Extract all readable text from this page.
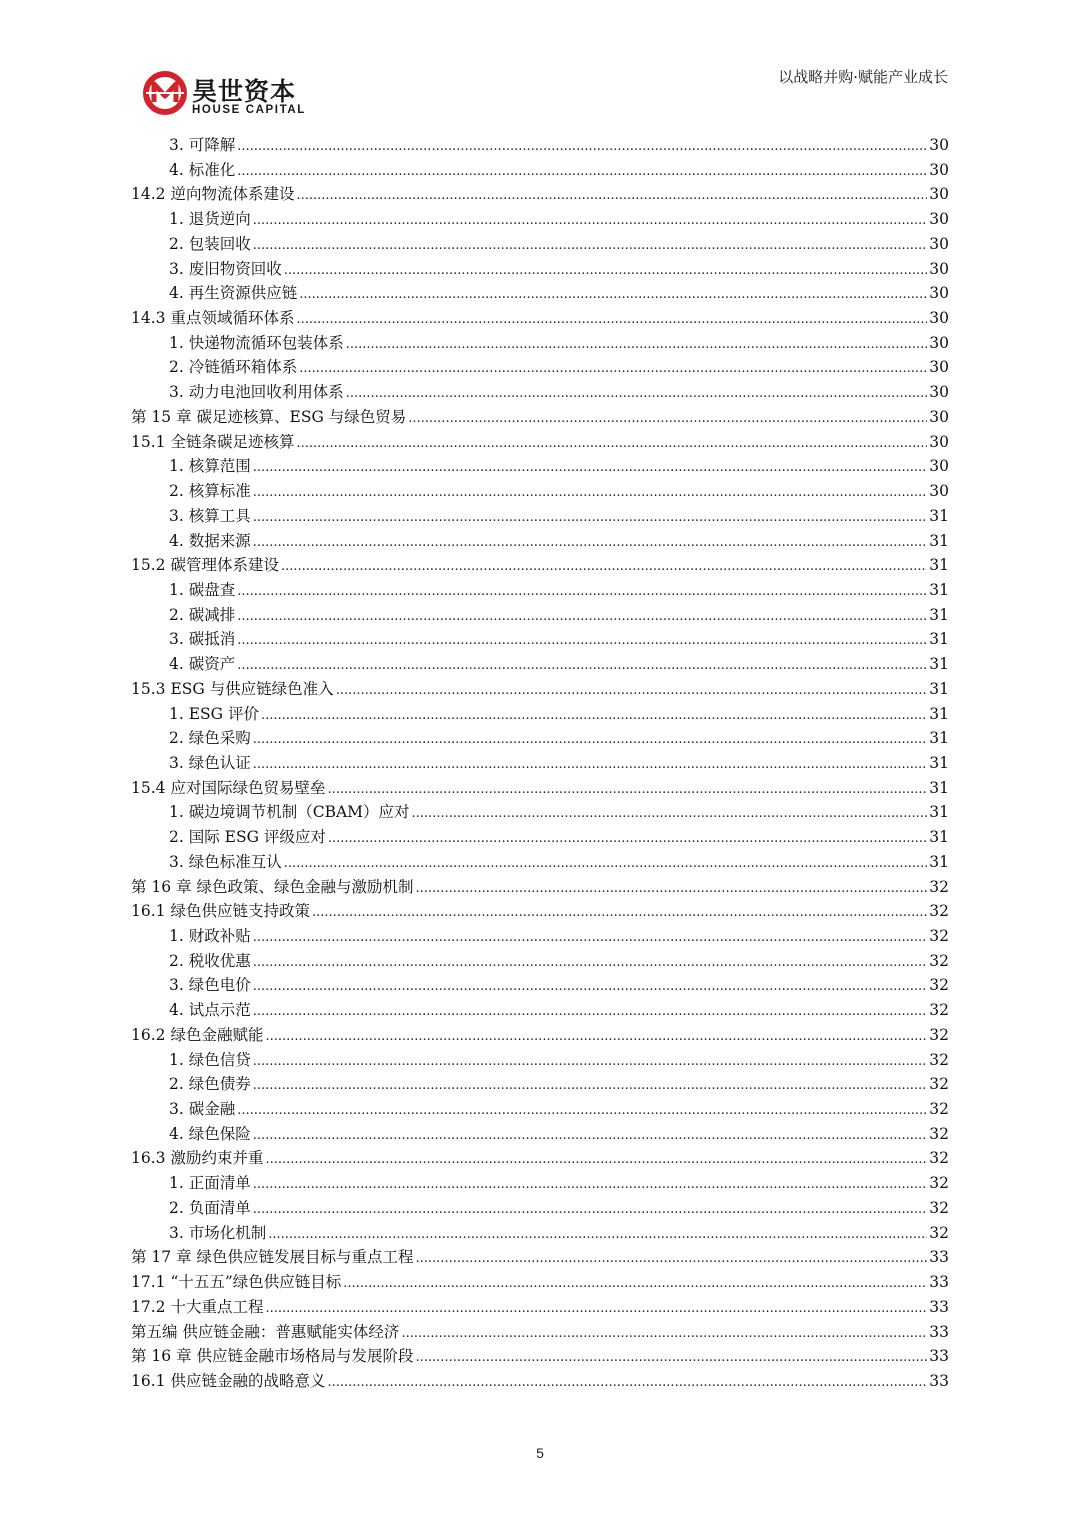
昊世资本
HOUSE CAPITAL
以战略并购·赋能产业成长
3. 可降解 .....	30
4. 标准化 .....	30
14.2 逆向物流体系建设 .....	30
1. 退货逆向 .....	30
2. 包装回收 .....	30
3. 废旧物资回收 .....	30
4. 再生资源供应链 .....	30
14.3 重点领域循环体系 .....	30
1. 快递物流循环包装体系 .....	30
2. 冷链循环箱体系 .....	30
3. 动力电池回收利用体系 .....	30
第 15 章 碳足迹核算、ESG 与绿色贸易 .....	30
15.1 全链条碳足迹核算 .....	30
1. 核算范围 .....	30
2. 核算标准 .....	30
3. 核算工具 .....	31
4. 数据来源 .....	31
15.2 碳管理体系建设 .....	31
1. 碳盘查 .....	31
2. 碳减排 .....	31
3. 碳抵消 .....	31
4. 碳资产 .....	31
15.3 ESG 与供应链绿色准入 .....	31
1. ESG 评价 .....	31
2. 绿色采购 .....	31
3. 绿色认证 .....	31
15.4 应对国际绿色贸易壁垒 .....	31
1. 碳边境调节机制（CBAM）应对 .....	31
2. 国际 ESG 评级应对 .....	31
3. 绿色标准互认 .....	31
第 16 章 绿色政策、绿色金融与激励机制 .....	32
16.1 绿色供应链支持政策 .....	32
1. 财政补贴 .....	32
2. 税收优惠 .....	32
3. 绿色电价 .....	32
4. 试点示范 .....	32
16.2 绿色金融赋能 .....	32
1. 绿色信贷 .....	32
2. 绿色债券 .....	32
3. 碳金融 .....	32
4. 绿色保险 .....	32
16.3 激励约束并重 .....	32
1. 正面清单 .....	32
2. 负面清单 .....	32
3. 市场化机制 .....	32
第 17 章 绿色供应链发展目标与重点工程 .....	33
17.1 “十五五”绿色供应链目标 .....	33
17.2 十大重点工程 .....	33
第五编 供应链金融：普惠赋能实体经济 .....	33
第 16 章 供应链金融市场格局与发展阶段 .....	33
16.1 供应链金融的战略意义 .....	33
5
